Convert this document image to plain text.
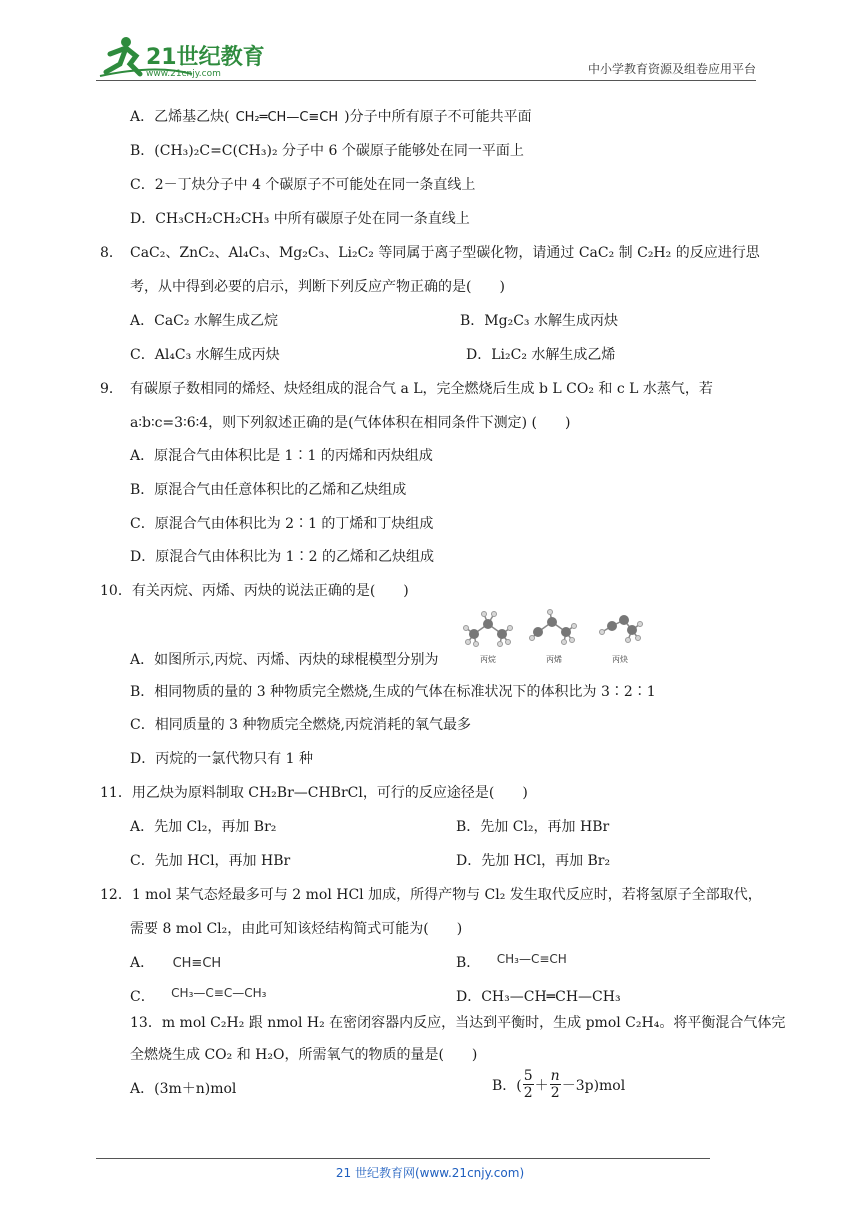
21世纪教育
www.21cnjy.com	中小学教育资源及组卷应用平台
A．乙烯基乙炔( CH₂═CH—C≡CH )分子中所有原子不可能共平面
B．(CH₃)₂C=C(CH₃)₂ 分子中 6 个碳原子能够处在同一平面上
C．2－丁炔分子中 4 个碳原子不可能处在同一条直线上
D．CH₃CH₂CH₂CH₃ 中所有碳原子处在同一条直线上
8． CaC₂、ZnC₂、Al₄C₃、Mg₂C₃、Li₂C₂ 等同属于离子型碳化物，请通过 CaC₂ 制 C₂H₂ 的反应进行思
考，从中得到必要的启示，判断下列反应产物正确的是(　　)
A．CaC₂ 水解生成乙烷	B．Mg₂C₃ 水解生成丙炔
C．Al₄C₃ 水解生成丙炔	D．Li₂C₂ 水解生成乙烯
9． 有碳原子数相同的烯烃、炔烃组成的混合气 a L，完全燃烧后生成 b L CO₂ 和 c L 水蒸气，若
a∶b∶c=3∶6∶4，则下列叙述正确的是(气体体积在相同条件下测定) (　　)
A．原混合气由体积比是 1∶1 的丙烯和丙炔组成
B．原混合气由任意体积比的乙烯和乙炔组成
C．原混合气由体积比为 2∶1 的丁烯和丁炔组成
D．原混合气由体积比为 1∶2 的乙烯和乙炔组成
10．有关丙烷、丙烯、丙炔的说法正确的是(　　)
A．如图所示,丙烷、丙烯、丙炔的球棍模型分别为	丙烷	丙烯	丙炔
B．相同物质的量的 3 种物质完全燃烧,生成的气体在标准状况下的体积比为 3∶2∶1
C．相同质量的 3 种物质完全燃烧,丙烷消耗的氧气最多
D．丙烷的一氯代物只有 1 种
11．用乙炔为原料制取 CH₂Br—CHBrCl，可行的反应途径是(　　)
A．先加 Cl₂，再加 Br₂	B．先加 Cl₂，再加 HBr
C．先加 HCl，再加 HBr	D．先加 HCl，再加 Br₂
12．1 mol 某气态烃最多可与 2 mol HCl 加成，所得产物与 Cl₂ 发生取代反应时，若将氢原子全部取代，
需要 8 mol Cl₂，由此可知该烃结构简式可能为(　　)
A． CH≡CH	B． CH₃—C≡CH
C． CH₃—C≡C—CH₃	D．CH₃—CH═CH—CH₃
13．m mol C₂H₂ 跟 nmol H₂ 在密闭容器内反应，当达到平衡时，生成 pmol C₂H₄。将平衡混合气体完
全燃烧生成 CO₂ 和 H₂O，所需氧气的物质的量是(　　)
A．(3m＋n)mol	B．( $\frac{5}{2} + \frac{n}{2} -3p)mol$
21 世纪教育网(www.21cnjy.com)
